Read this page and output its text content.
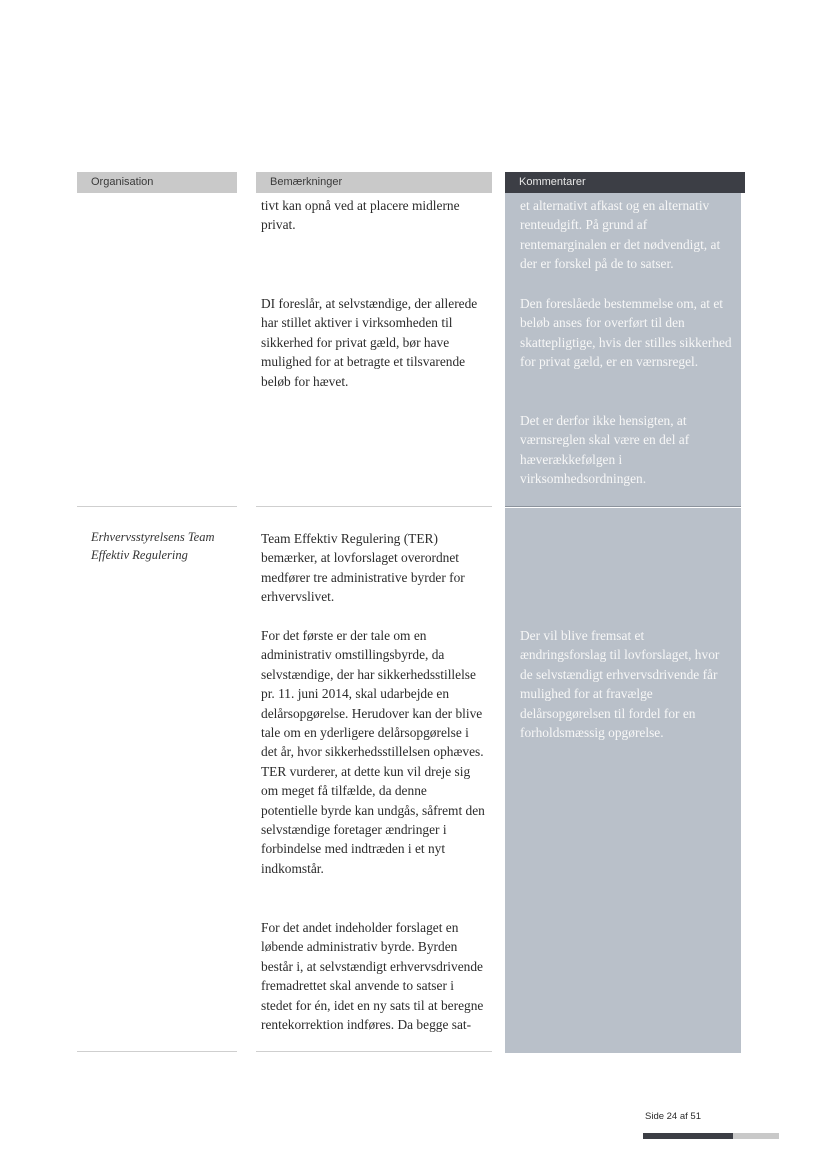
Organisation	Bemærkninger	Kommentarer

tivt kan opnå ved at placere midlerne privat.

DI foreslår, at selvstændige, der allerede har stillet aktiver i virksomheden til sikkerhed for privat gæld, bør have mulighed for at betragte et tilsvarende beløb for hævet.

et alternativt afkast og en alternativ renteudgift. På grund af rentemarginalen er det nødvendigt, at der er forskel på de to satser.

Den foreslåede bestemmelse om, at et beløb anses for overført til den skattepligtige, hvis der stilles sikkerhed for privat gæld, er en værnsregel.

Det er derfor ikke hensigten, at værnsreglen skal være en del af hæverækkefølgen i virksomhedsordningen.

Erhvervsstyrelsens Team Effektiv Regulering

Team Effektiv Regulering (TER) bemærker, at lovforslaget overordnet medfører tre administrative byrder for erhvervslivet.

For det første er der tale om en administrativ omstillingsbyrde, da selvstændige, der har sikkerhedsstillelse pr. 11. juni 2014, skal udarbejde en delårsopgørelse. Herudover kan der blive tale om en yderligere delårsopgørelse i det år, hvor sikkerhedsstillelsen ophæves. TER vurderer, at dette kun vil dreje sig om meget få tilfælde, da denne potentielle byrde kan undgås, såfremt den selvstændige foretager ændringer i forbindelse med indtræden i et nyt indkomstår.

For det andet indeholder forslaget en løbende administrativ byrde. Byrden består i, at selvstændigt erhvervsdrivende fremadrettet skal anvende to satser i stedet for én, idet en ny sats til at beregne rentekorrektion indføres. Da begge sat-

Der vil blive fremsat et ændringsforslag til lovforslaget, hvor de selvstændigt erhvervsdrivende får mulighed for at fravælge delårsopgørelsen til fordel for en forholdsmæssig opgørelse.

Side 24 af 51
